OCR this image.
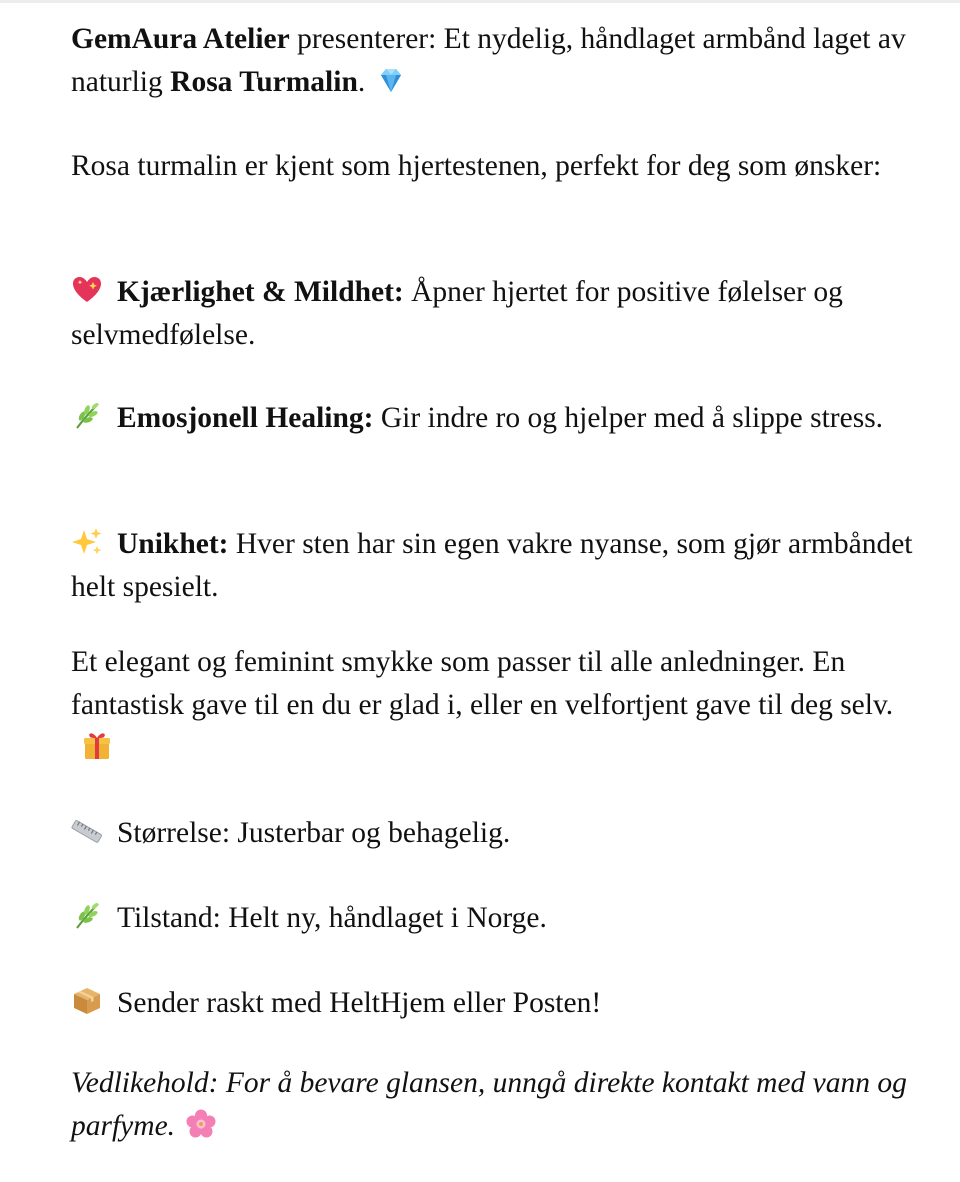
GemAura Atelier presenterer: Et nydelig, håndlaget armbånd laget av naturlig Rosa Turmalin.

Rosa turmalin er kjent som hjertestenen, perfekt for deg som ønsker:

Kjærlighet & Mildhet: Åpner hjertet for positive følelser og selvmedfølelse.

Emosjonell Healing: Gir indre ro og hjelper med å slippe stress.

Unikhet: Hver sten har sin egen vakre nyanse, som gjør armbåndet helt spesielt.

Et elegant og feminint smykke som passer til alle anledninger. En fantastisk gave til en du er glad i, eller en velfortjent gave til deg selv.

Størrelse: Justerbar og behagelig.

Tilstand: Helt ny, håndlaget i Norge.

Sender raskt med HeltHjem eller Posten!

Vedlikehold: For å bevare glansen, unngå direkte kontakt med vann og parfyme.
